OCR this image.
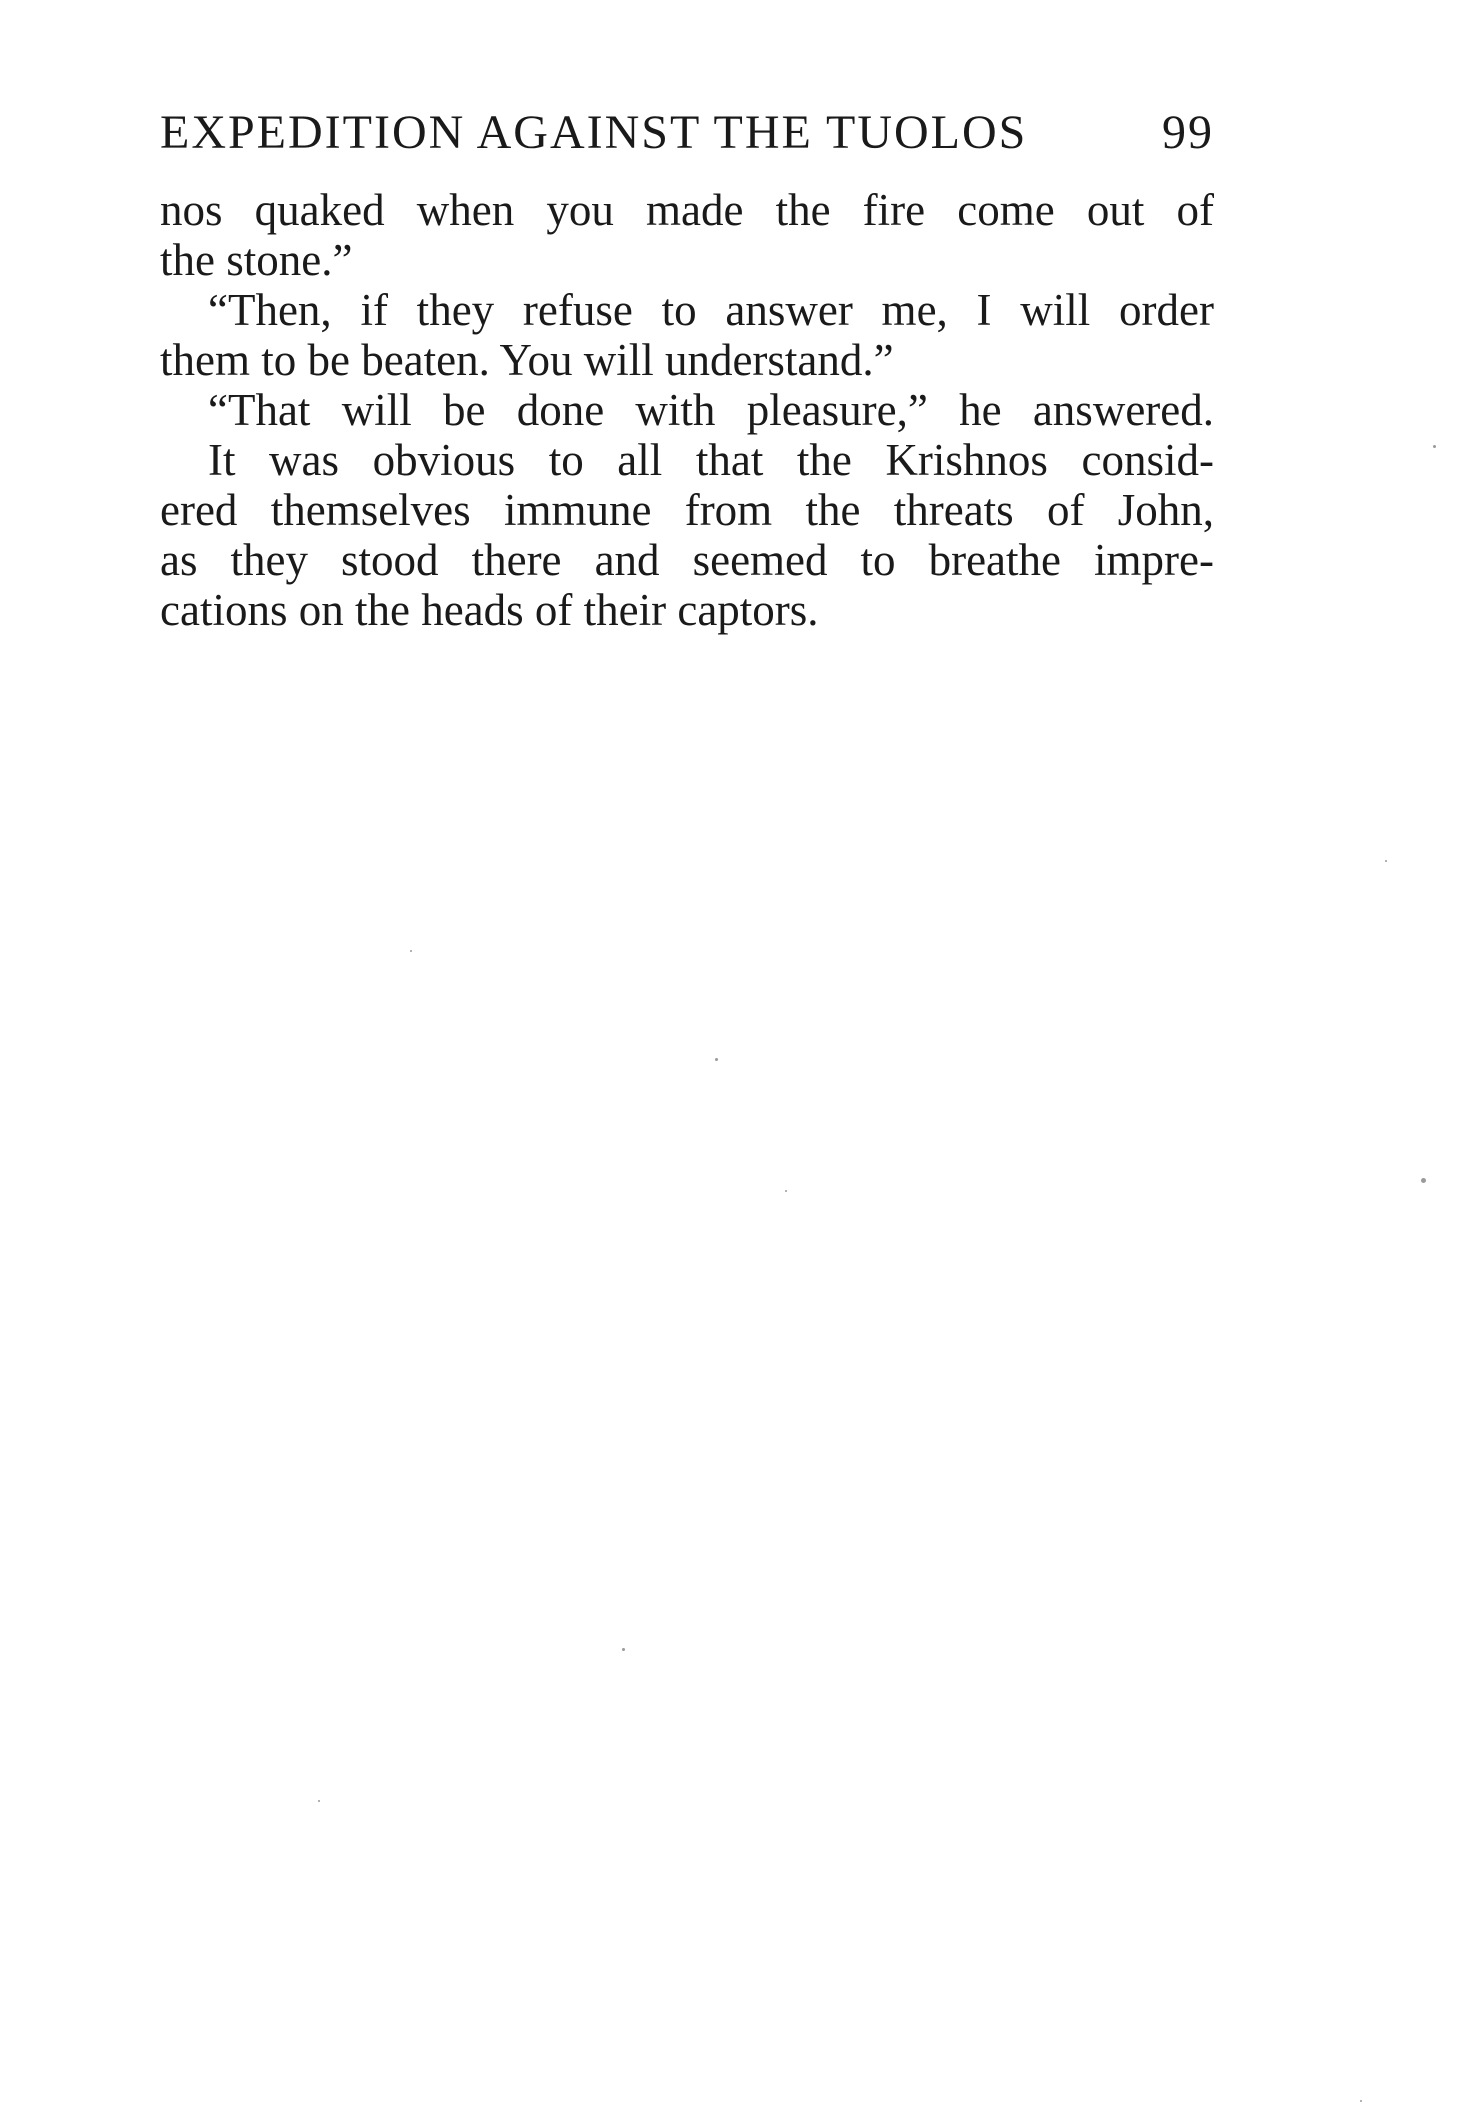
EXPEDITION AGAINST THE TUOLOS	99
nos quaked when you made the fire come out of
the stone.”
“Then, if they refuse to answer me, I will order
them to be beaten. You will understand.”
“That will be done with pleasure,” he answered.
It was obvious to all that the Krishnos consid-
ered themselves immune from the threats of John,
as they stood there and seemed to breathe impre-
cations on the heads of their captors.
